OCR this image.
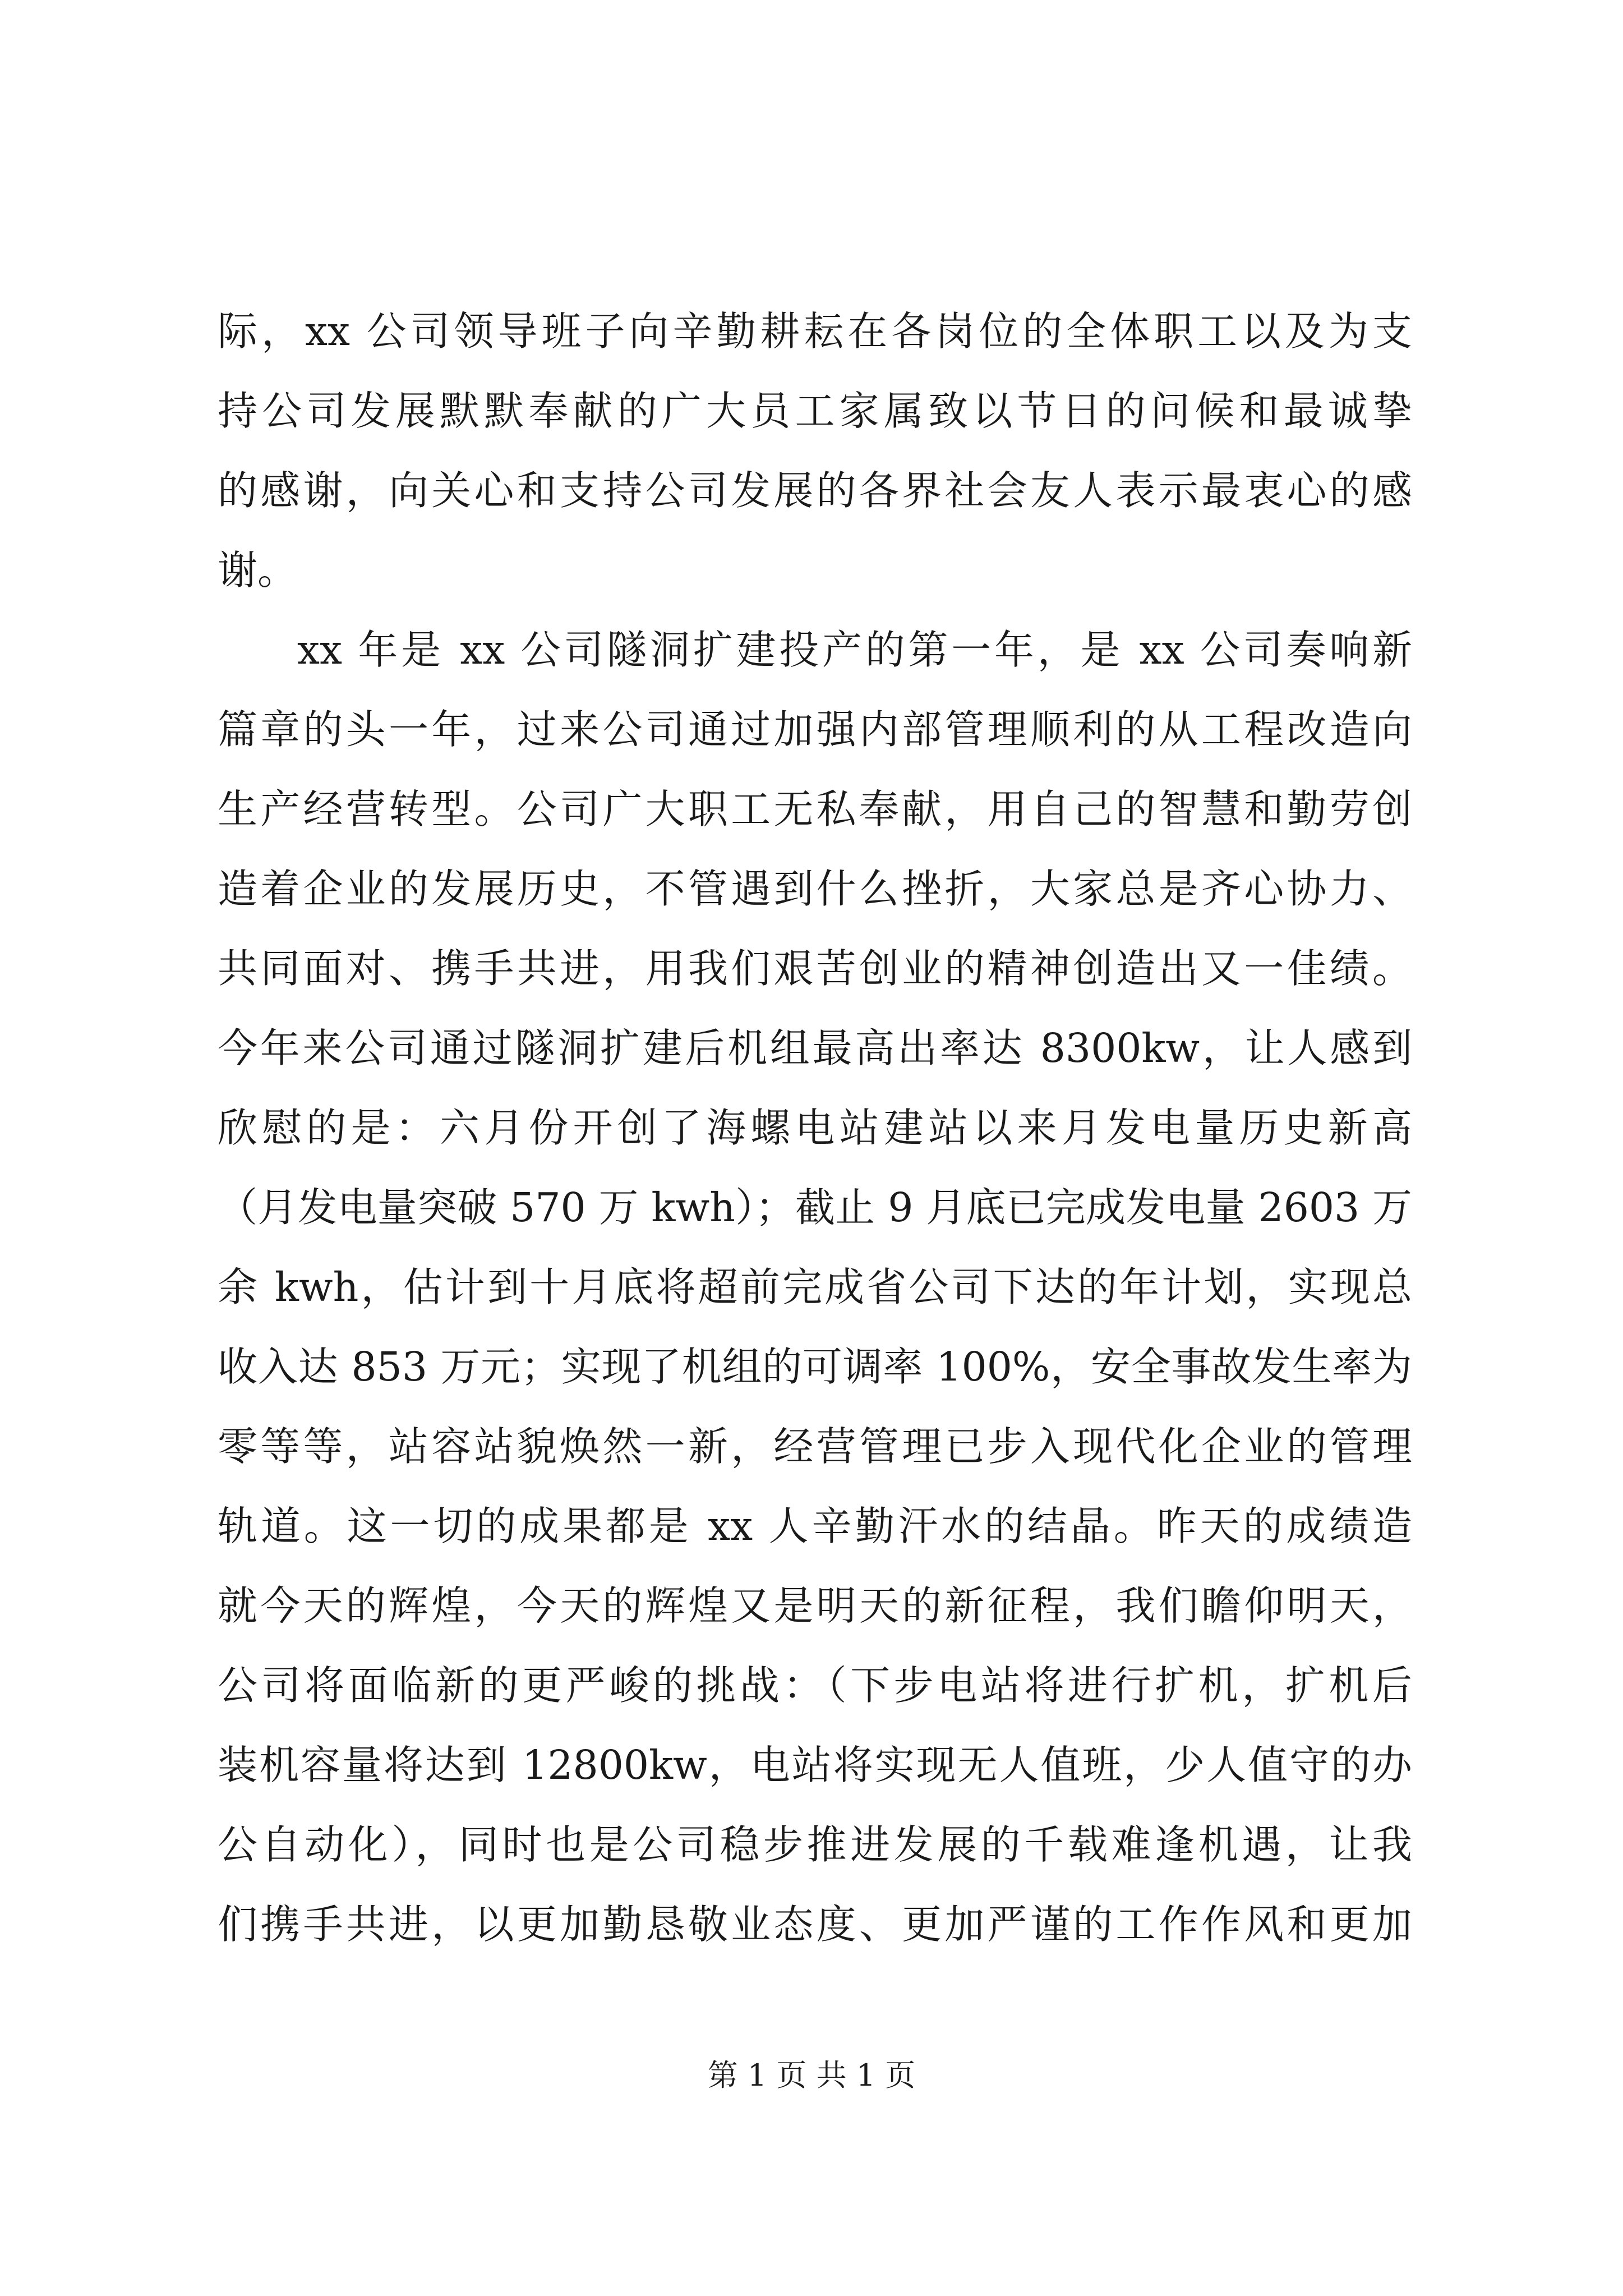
际，xx 公司领导班子向辛勤耕耘在各岗位的全体职工以及为支
持公司发展默默奉献的广大员工家属致以节日的问候和最诚挚
的感谢，向关心和支持公司发展的各界社会友人表示最衷心的感
谢。
xx 年是 xx 公司隧洞扩建投产的第一年，是 xx 公司奏响新
篇章的头一年，过来公司通过加强内部管理顺利的从工程改造向
生产经营转型。公司广大职工无私奉献，用自己的智慧和勤劳创
造着企业的发展历史，不管遇到什么挫折，大家总是齐心协力、
共同面对、携手共进，用我们艰苦创业的精神创造出又一佳绩。
今年来公司通过隧洞扩建后机组最高出率达 8300kw，让人感到
欣慰的是：六月份开创了海螺电站建站以来月发电量历史新高
（月发电量突破 570 万 kwh）；截止 9 月底已完成发电量 2603 万
余 kwh，估计到十月底将超前完成省公司下达的年计划，实现总
收入达 853 万元；实现了机组的可调率 100%，安全事故发生率为
零等等，站容站貌焕然一新，经营管理已步入现代化企业的管理
轨道。这一切的成果都是 xx 人辛勤汗水的结晶。昨天的成绩造
就今天的辉煌，今天的辉煌又是明天的新征程，我们瞻仰明天，
公司将面临新的更严峻的挑战：（下步电站将进行扩机，扩机后
装机容量将达到 12800kw，电站将实现无人值班，少人值守的办
公自动化），同时也是公司稳步推进发展的千载难逢机遇，让我
们携手共进，以更加勤恳敬业态度、更加严谨的工作作风和更加
第 1 页 共 1 页
